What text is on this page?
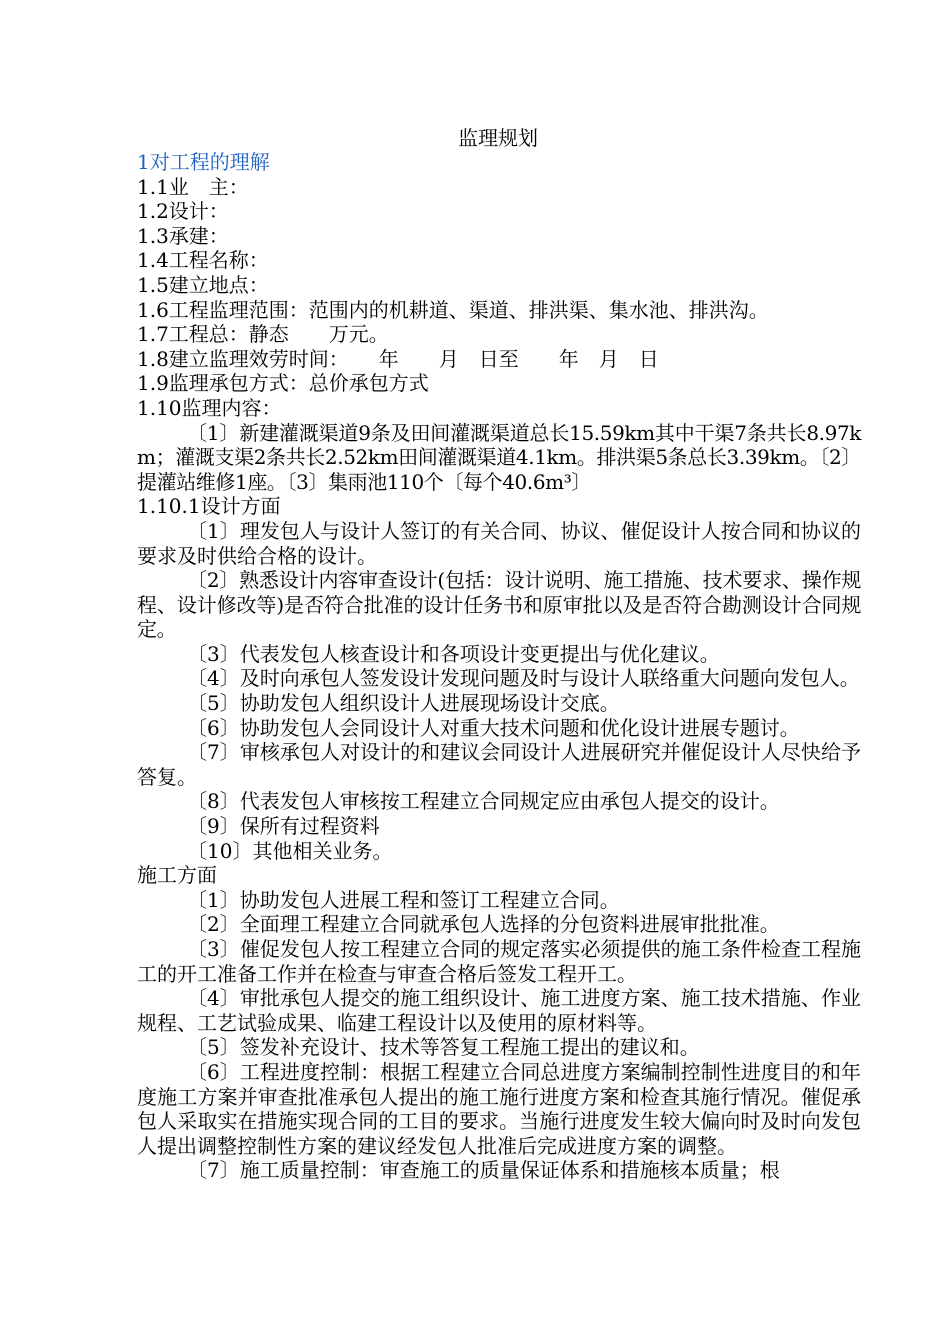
监理规划

1对工程的理解

1.1业　主：

1.2设计：

1.3承建：

1.4工程名称：

1.5建立地点：

1.6工程监理范围：范围内的机耕道、渠道、排洪渠、集水池、排洪沟。

1.7工程总：静态　　万元。

1.8建立监理效劳时间：　　年　　月　日至　　年　月　日

1.9监理承包方式：总价承包方式

1.10监理内容：

〔1〕新建灌溉渠道9条及田间灌溉渠道总长15.59km其中干渠7条共长8.97km；灌溉支渠2条共长2.52km田间灌溉渠道4.1km。排洪渠5条总长3.39km。〔2〕提灌站维修1座。〔3〕集雨池110个〔每个40.6m³〕

1.10.1设计方面

〔1〕理发包人与设计人签订的有关合同、协议、催促设计人按合同和协议的要求及时供给合格的设计。

〔2〕熟悉设计内容审查设计(包括：设计说明、施工措施、技术要求、操作规程、设计修改等)是否符合批准的设计任务书和原审批以及是否符合勘测设计合同规定。

〔3〕代表发包人核查设计和各项设计变更提出与优化建议。

〔4〕及时向承包人签发设计发现问题及时与设计人联络重大问题向发包人。

〔5〕协助发包人组织设计人进展现场设计交底。

〔6〕协助发包人会同设计人对重大技术问题和优化设计进展专题讨。

〔7〕审核承包人对设计的和建议会同设计人进展研究并催促设计人尽快给予答复。

〔8〕代表发包人审核按工程建立合同规定应由承包人提交的设计。

〔9〕保所有过程资料

〔10〕其他相关业务。

施工方面

〔1〕协助发包人进展工程和签订工程建立合同。

〔2〕全面理工程建立合同就承包人选择的分包资料进展审批批准。

〔3〕催促发包人按工程建立合同的规定落实必须提供的施工条件检查工程施工的开工准备工作并在检查与审查合格后签发工程开工。

〔4〕审批承包人提交的施工组织设计、施工进度方案、施工技术措施、作业规程、工艺试验成果、临建工程设计以及使用的原材料等。

〔5〕签发补充设计、技术等答复工程施工提出的建议和。

〔6〕工程进度控制：根据工程建立合同总进度方案编制控制性进度目的和年度施工方案并审查批准承包人提出的施工施行进度方案和检查其施行情况。催促承包人采取实在措施实现合同的工目的要求。当施行进度发生较大偏向时及时向发包人提出调整控制性方案的建议经发包人批准后完成进度方案的调整。

〔7〕施工质量控制：审查施工的质量保证体系和措施核本质量；根
